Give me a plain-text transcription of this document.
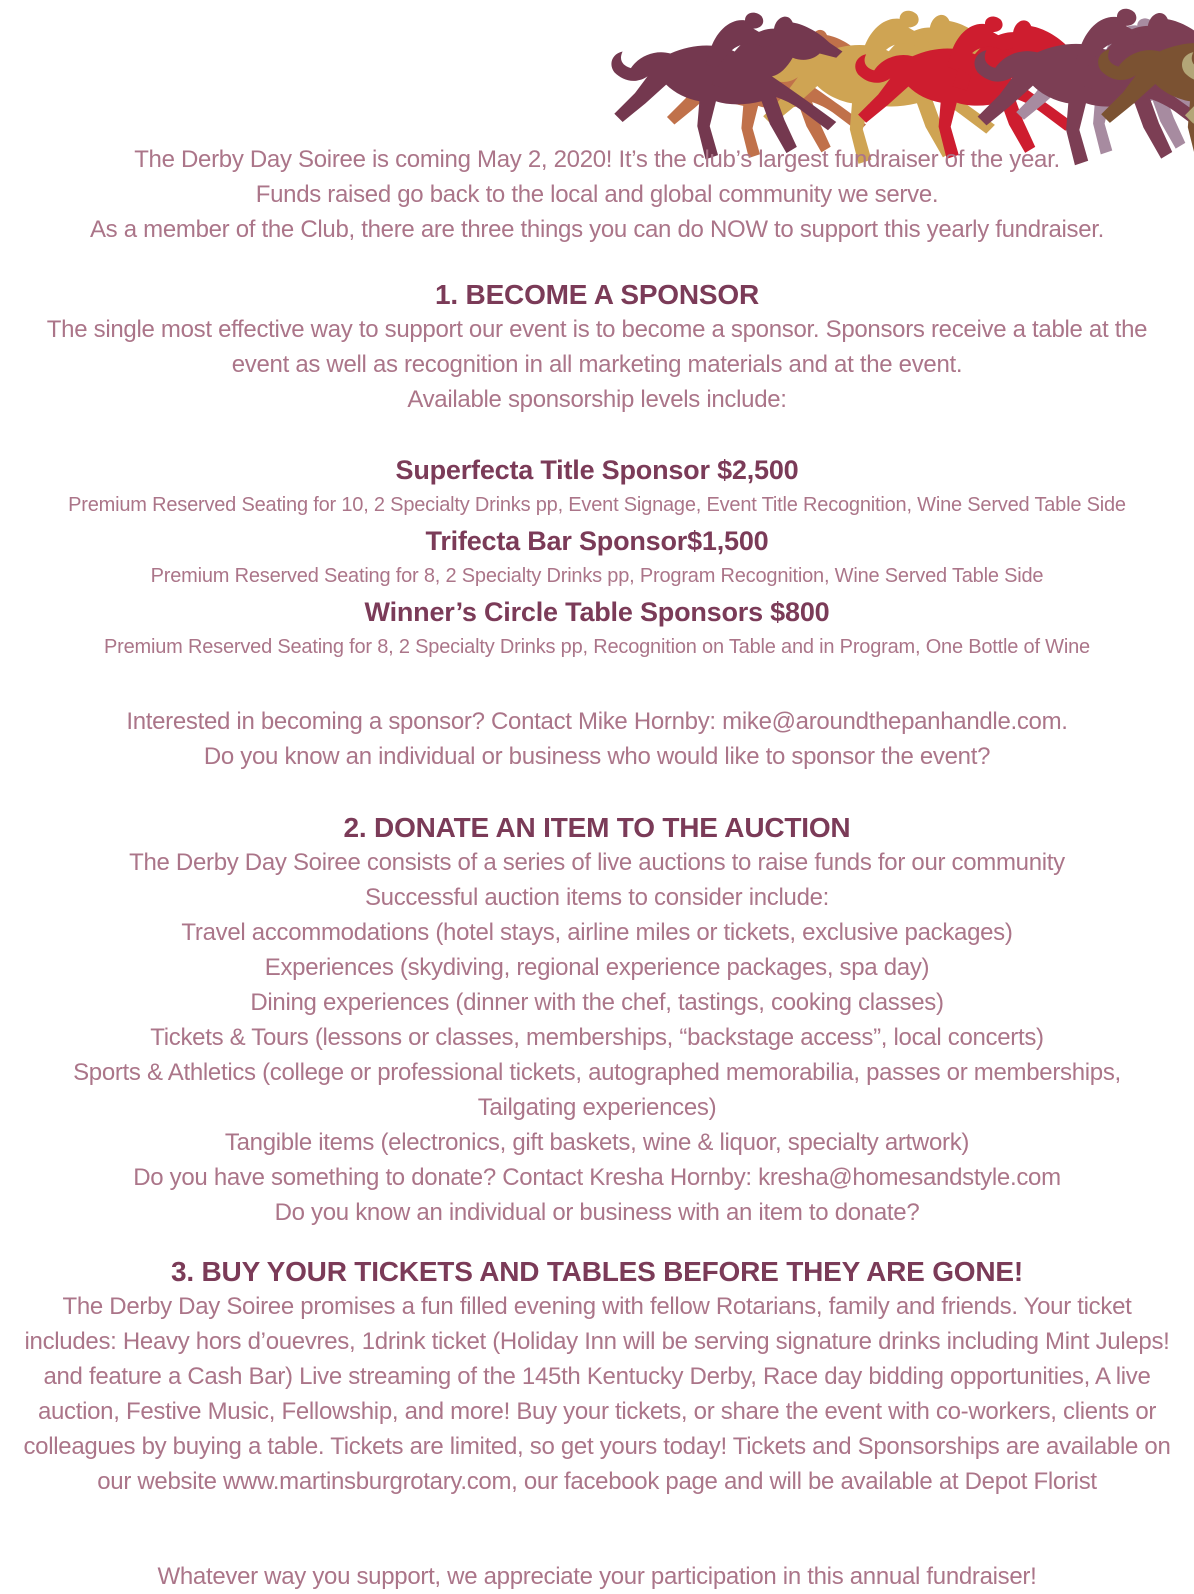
The Derby Day Soiree is coming May 2, 2020! It’s the club’s largest fundraiser of the year.
Funds raised go back to the local and global community we serve.
As a member of the Club, there are three things you can do NOW to support this yearly fundraiser.
1. BECOME A SPONSOR
The single most effective way to support our event is to become a sponsor. Sponsors receive a table at the event as well as recognition in all marketing materials and at the event.
Available sponsorship levels include:
Superfecta Title Sponsor $2,500
Premium Reserved Seating for 10, 2 Specialty Drinks pp, Event Signage, Event Title Recognition, Wine Served Table Side
Trifecta Bar Sponsor$1,500
Premium Reserved Seating for 8, 2 Specialty Drinks pp, Program Recognition, Wine Served Table Side
Winner’s Circle Table Sponsors $800
Premium Reserved Seating for 8, 2 Specialty Drinks pp, Recognition on Table and in Program, One Bottle of Wine
Interested in becoming a sponsor? Contact Mike Hornby: mike@aroundthepanhandle.com.
Do you know an individual or business who would like to sponsor the event?
2. DONATE AN ITEM TO THE AUCTION
The Derby Day Soiree consists of a series of live auctions to raise funds for our community
Successful auction items to consider include:
Travel accommodations (hotel stays, airline miles or tickets, exclusive packages)
Experiences (skydiving, regional experience packages, spa day)
Dining experiences (dinner with the chef, tastings, cooking classes)
Tickets & Tours (lessons or classes, memberships, “backstage access”, local concerts)
Sports & Athletics (college or professional tickets, autographed memorabilia, passes or memberships, Tailgating experiences)
Tangible items (electronics, gift baskets, wine & liquor, specialty artwork)
Do you have something to donate? Contact Kresha Hornby: kresha@homesandstyle.com
Do you know an individual or business with an item to donate?
3. BUY YOUR TICKETS AND TABLES BEFORE THEY ARE GONE!
The Derby Day Soiree promises a fun filled evening with fellow Rotarians, family and friends. Your ticket includes: Heavy hors d’ouevres, 1drink ticket (Holiday Inn will be serving signature drinks including Mint Juleps! and feature a Cash Bar) Live streaming of the 145th Kentucky Derby, Race day bidding opportunities, A live auction, Festive Music, Fellowship, and more! Buy your tickets, or share the event with co-workers, clients or colleagues by buying a table. Tickets are limited, so get yours today! Tickets and Sponsorships are available on our website www.martinsburgrotary.com, our facebook page and will be available at Depot Florist
Whatever way you support, we appreciate your participation in this annual fundraiser!
